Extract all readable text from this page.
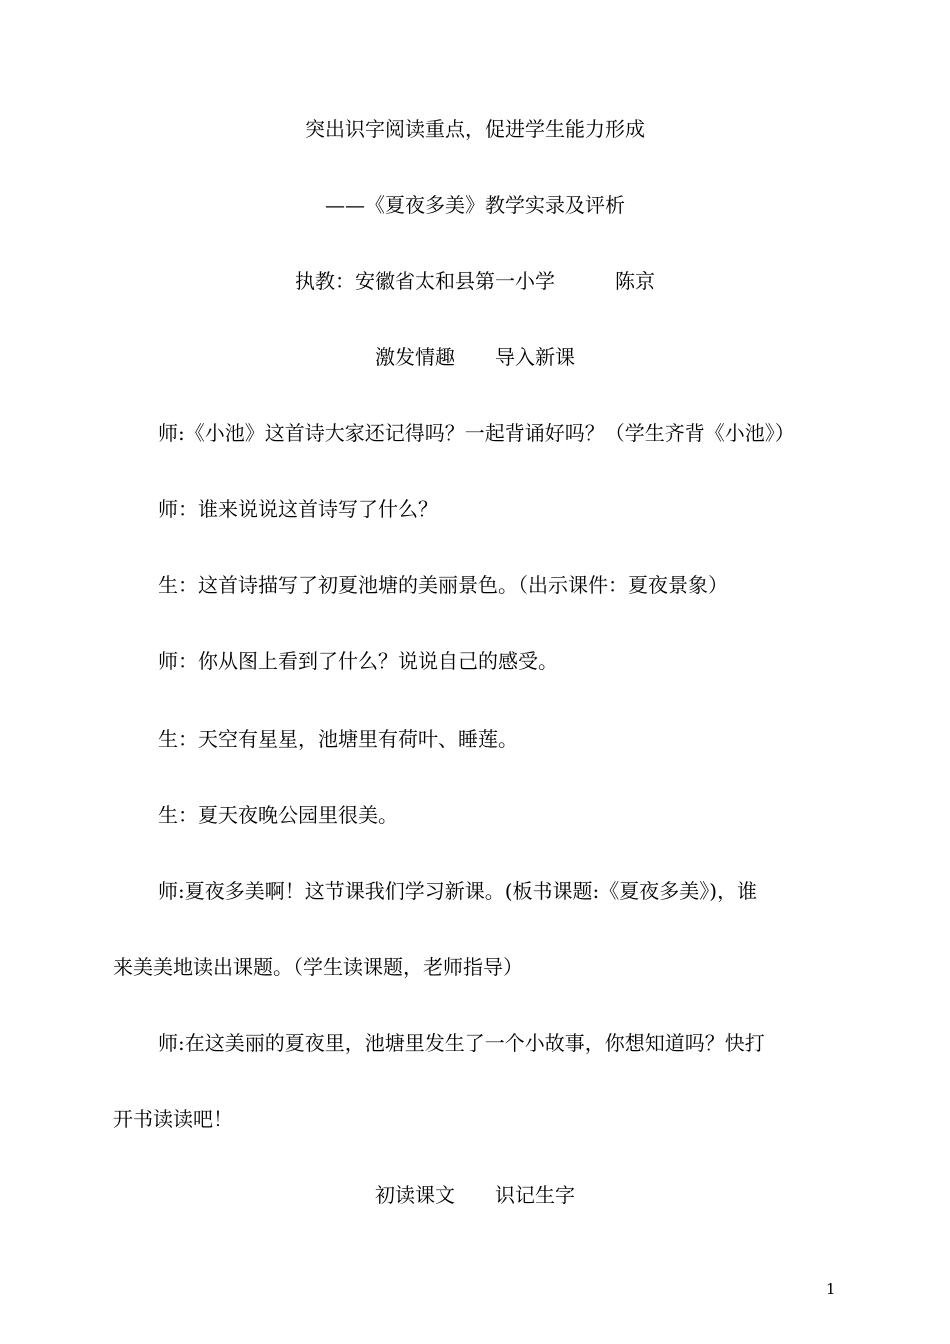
突出识字阅读重点，促进学生能力形成
——《夏夜多美》教学实录及评析
执教：安徽省太和县第一小学　　　陈京
激发情趣　　导入新课
师:《小池》这首诗大家还记得吗？一起背诵好吗？（学生齐背《小池》）
师：谁来说说这首诗写了什么？
生：这首诗描写了初夏池塘的美丽景色。（出示课件：夏夜景象）
师：你从图上看到了什么？说说自己的感受。
生：天空有星星，池塘里有荷叶、睡莲。
生：夏天夜晚公园里很美。
师:夏夜多美啊！这节课我们学习新课。(板书课题:《夏夜多美》)，谁
来美美地读出课题。（学生读课题，老师指导）
师:在这美丽的夏夜里，池塘里发生了一个小故事，你想知道吗？快打
开书读读吧！
初读课文　　识记生字
1
